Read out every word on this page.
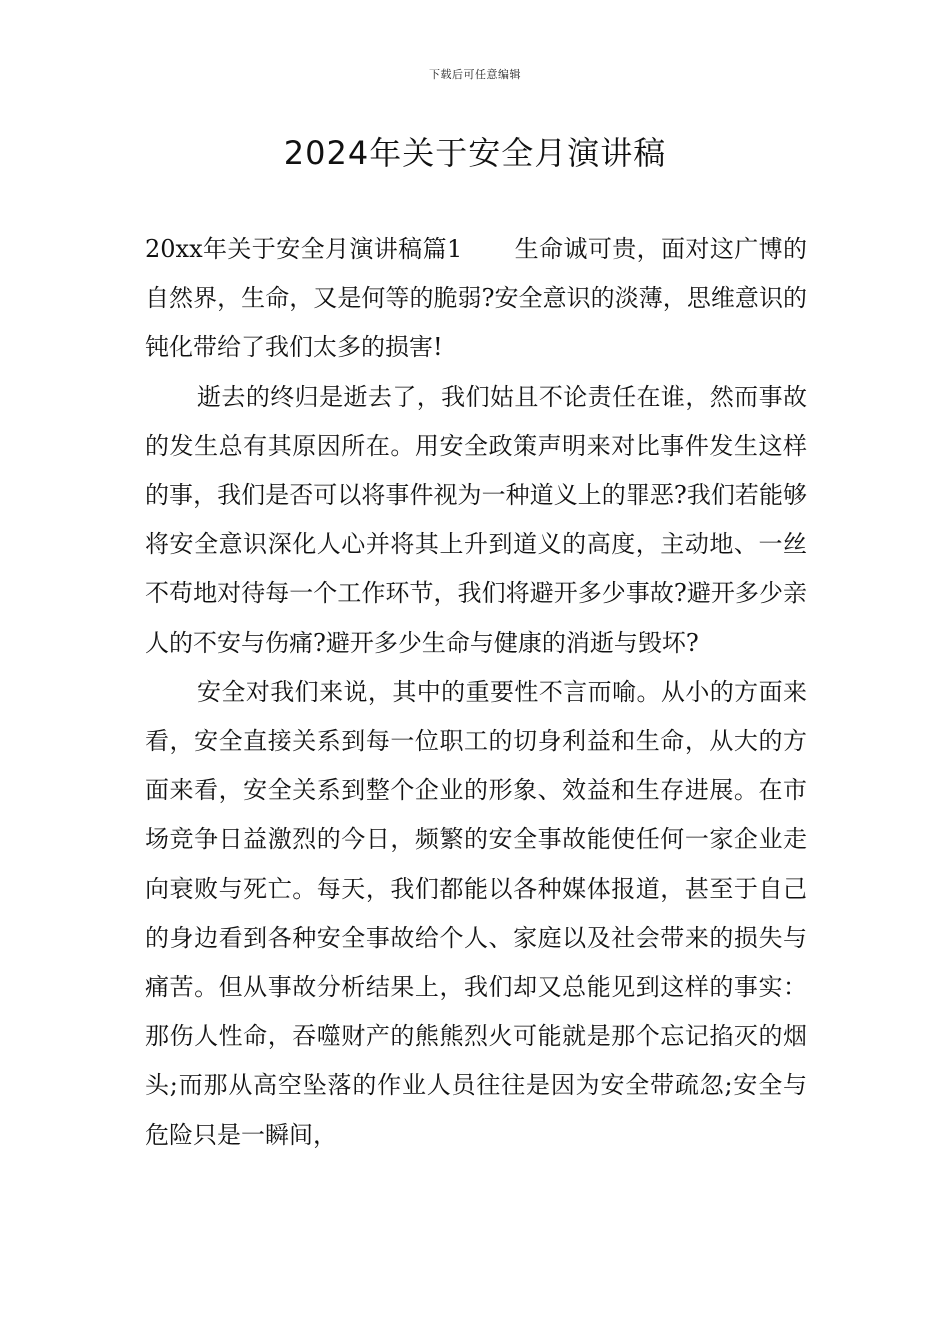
下载后可任意编辑
2024年关于安全月演讲稿

20xx年关于安全月演讲稿篇1 生命诚可贵，面对这广博的自然界，生命，又是何等的脆弱?安全意识的淡薄，思维意识的钝化带给了我们太多的损害!

逝去的终归是逝去了，我们姑且不论责任在谁，然而事故的发生总有其原因所在。用安全政策声明来对比事件发生这样的事，我们是否可以将事件视为一种道义上的罪恶?我们若能够将安全意识深化人心并将其上升到道义的高度，主动地、一丝不苟地对待每一个工作环节，我们将避开多少事故?避开多少亲人的不安与伤痛?避开多少生命与健康的消逝与毁坏?

安全对我们来说，其中的重要性不言而喻。从小的方面来看，安全直接关系到每一位职工的切身利益和生命，从大的方面来看，安全关系到整个企业的形象、效益和生存进展。在市场竞争日益激烈的今日，频繁的安全事故能使任何一家企业走向衰败与死亡。每天，我们都能以各种媒体报道，甚至于自己的身边看到各种安全事故给个人、家庭以及社会带来的损失与痛苦。但从事故分析结果上，我们却又总能见到这样的事实：那伤人性命，吞噬财产的熊熊烈火可能就是那个忘记掐灭的烟头;而那从高空坠落的作业人员往往是因为安全带疏忽;安全与危险只是一瞬间，
